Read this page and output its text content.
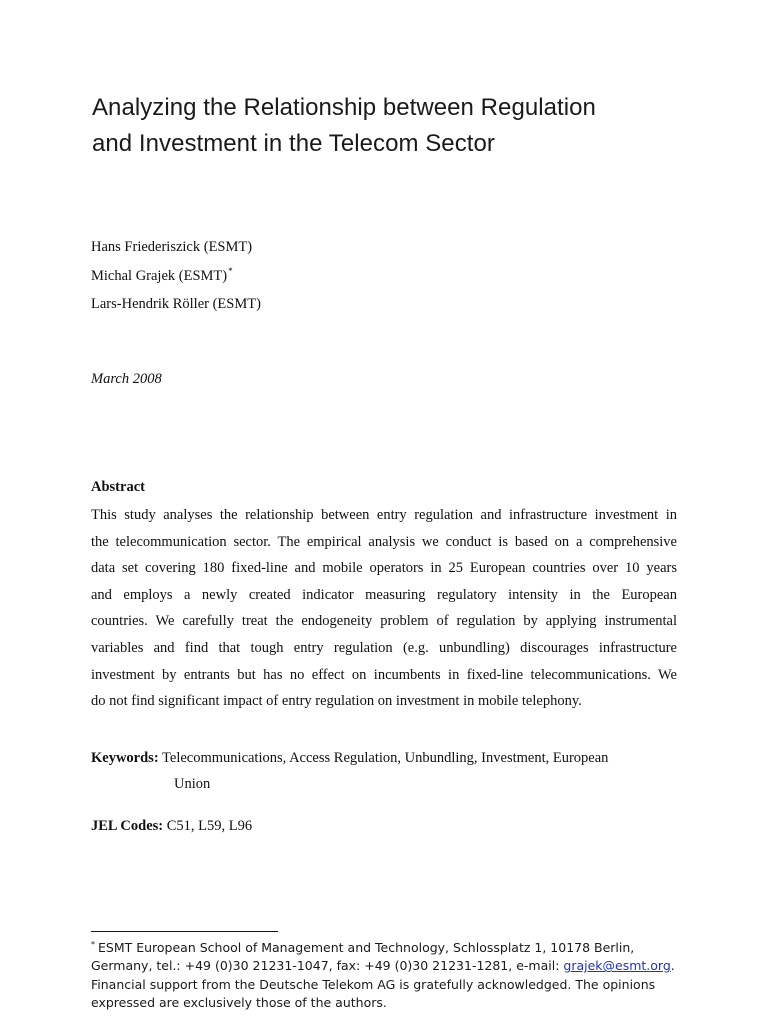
Analyzing the Relationship between Regulation
and Investment in the Telecom Sector
Hans Friederiszick (ESMT)
Michal Grajek (ESMT)*
Lars-Hendrik Röller (ESMT)
March 2008
Abstract
This study analyses the relationship between entry regulation and infrastructure investment in
the telecommunication sector. The empirical analysis we conduct is based on a comprehensive
data set covering 180 fixed-line and mobile operators in 25 European countries over 10 years
and employs a newly created indicator measuring regulatory intensity in the European
countries. We carefully treat the endogeneity problem of regulation by applying instrumental
variables and find that tough entry regulation (e.g. unbundling) discourages infrastructure
investment by entrants but has no effect on incumbents in fixed-line telecommunications. We
do not find significant impact of entry regulation on investment in mobile telephony.
Keywords: Telecommunications, Access Regulation, Unbundling, Investment, European
Union
JEL Codes: C51, L59, L96
* ESMT European School of Management and Technology, Schlossplatz 1, 10178 Berlin,
Germany, tel.: +49 (0)30 21231-1047, fax: +49 (0)30 21231-1281, e-mail: grajek@esmt.org.
Financial support from the Deutsche Telekom AG is gratefully acknowledged. The opinions
expressed are exclusively those of the authors.
